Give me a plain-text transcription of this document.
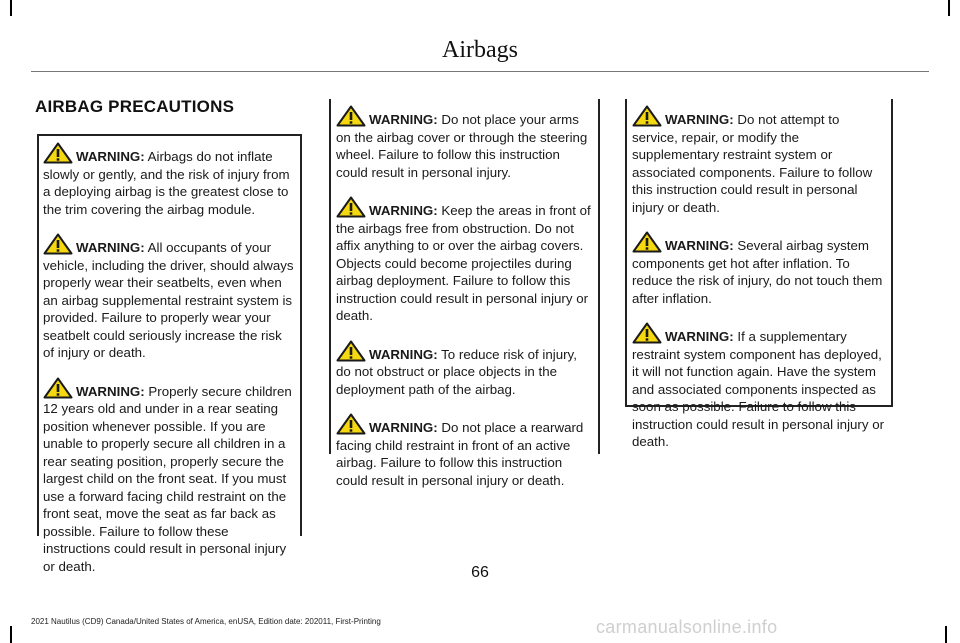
Airbags
AIRBAG PRECAUTIONS

WARNING: Airbags do not inflate slowly or gently, and the risk of injury from a deploying airbag is the greatest close to the trim covering the airbag module.

WARNING: All occupants of your vehicle, including the driver, should always properly wear their seatbelts, even when an airbag supplemental restraint system is provided. Failure to properly wear your seatbelt could seriously increase the risk of injury or death.

WARNING: Properly secure children 12 years old and under in a rear seating position whenever possible. If you are unable to properly secure all children in a rear seating position, properly secure the largest child on the front seat. If you must use a forward facing child restraint on the front seat, move the seat as far back as possible. Failure to follow these instructions could result in personal injury or death.

WARNING: Do not place your arms on the airbag cover or through the steering wheel. Failure to follow this instruction could result in personal injury.

WARNING: Keep the areas in front of the airbags free from obstruction. Do not affix anything to or over the airbag covers. Objects could become projectiles during airbag deployment. Failure to follow this instruction could result in personal injury or death.

WARNING: To reduce risk of injury, do not obstruct or place objects in the deployment path of the airbag.

WARNING: Do not place a rearward facing child restraint in front of an active airbag. Failure to follow this instruction could result in personal injury or death.

WARNING: Do not attempt to service, repair, or modify the supplementary restraint system or associated components. Failure to follow this instruction could result in personal injury or death.

WARNING: Several airbag system components get hot after inflation. To reduce the risk of injury, do not touch them after inflation.

WARNING: If a supplementary restraint system component has deployed, it will not function again. Have the system and associated components inspected as soon as possible. Failure to follow this instruction could result in personal injury or death.

66
2021 Nautilus (CD9) Canada/United States of America, enUSA, Edition date: 202011, First-Printing	carmanualsonline.info
